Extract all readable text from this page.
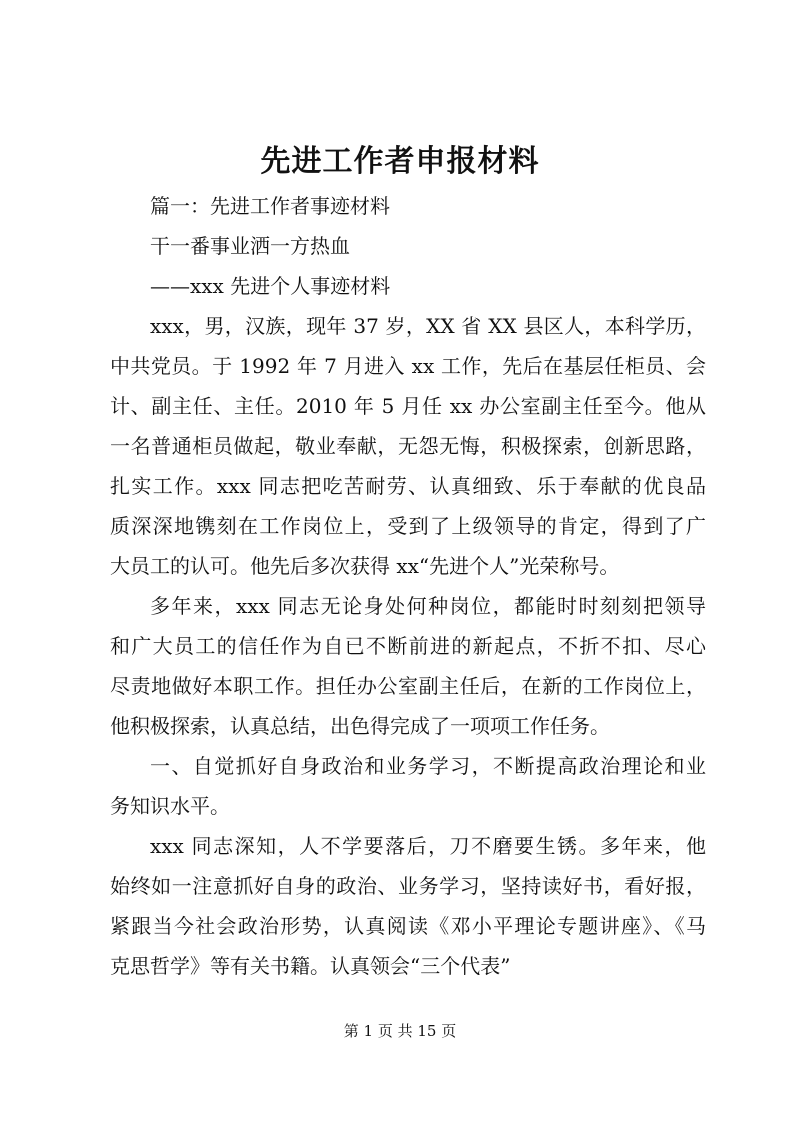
先进工作者申报材料
篇一：先进工作者事迹材料
干一番事业洒一方热血
——xxx 先进个人事迹材料
xxx，男，汉族，现年 37 岁，XX 省 XX 县区人，本科学历，
中共党员。于 1992 年 7 月进入 xx 工作，先后在基层任柜员、会
计、副主任、主任。2010 年 5 月任 xx 办公室副主任至今。他从
一名普通柜员做起，敬业奉献，无怨无悔，积极探索，创新思路，
扎实工作。xxx 同志把吃苦耐劳、认真细致、乐于奉献的优良品
质深深地镌刻在工作岗位上，受到了上级领导的肯定，得到了广
大员工的认可。他先后多次获得 xx“先进个人”光荣称号。
多年来，xxx 同志无论身处何种岗位，都能时时刻刻把领导
和广大员工的信任作为自已不断前进的新起点，不折不扣、尽心
尽责地做好本职工作。担任办公室副主任后，在新的工作岗位上，
他积极探索，认真总结，出色得完成了一项项工作任务。
一、自觉抓好自身政治和业务学习，不断提高政治理论和业
务知识水平。
xxx 同志深知，人不学要落后，刀不磨要生锈。多年来，他
始终如一注意抓好自身的政治、业务学习，坚持读好书，看好报，
紧跟当今社会政治形势，认真阅读《邓小平理论专题讲座》、《马
克思哲学》等有关书籍。认真领会“三个代表”
第 1 页 共 15 页
